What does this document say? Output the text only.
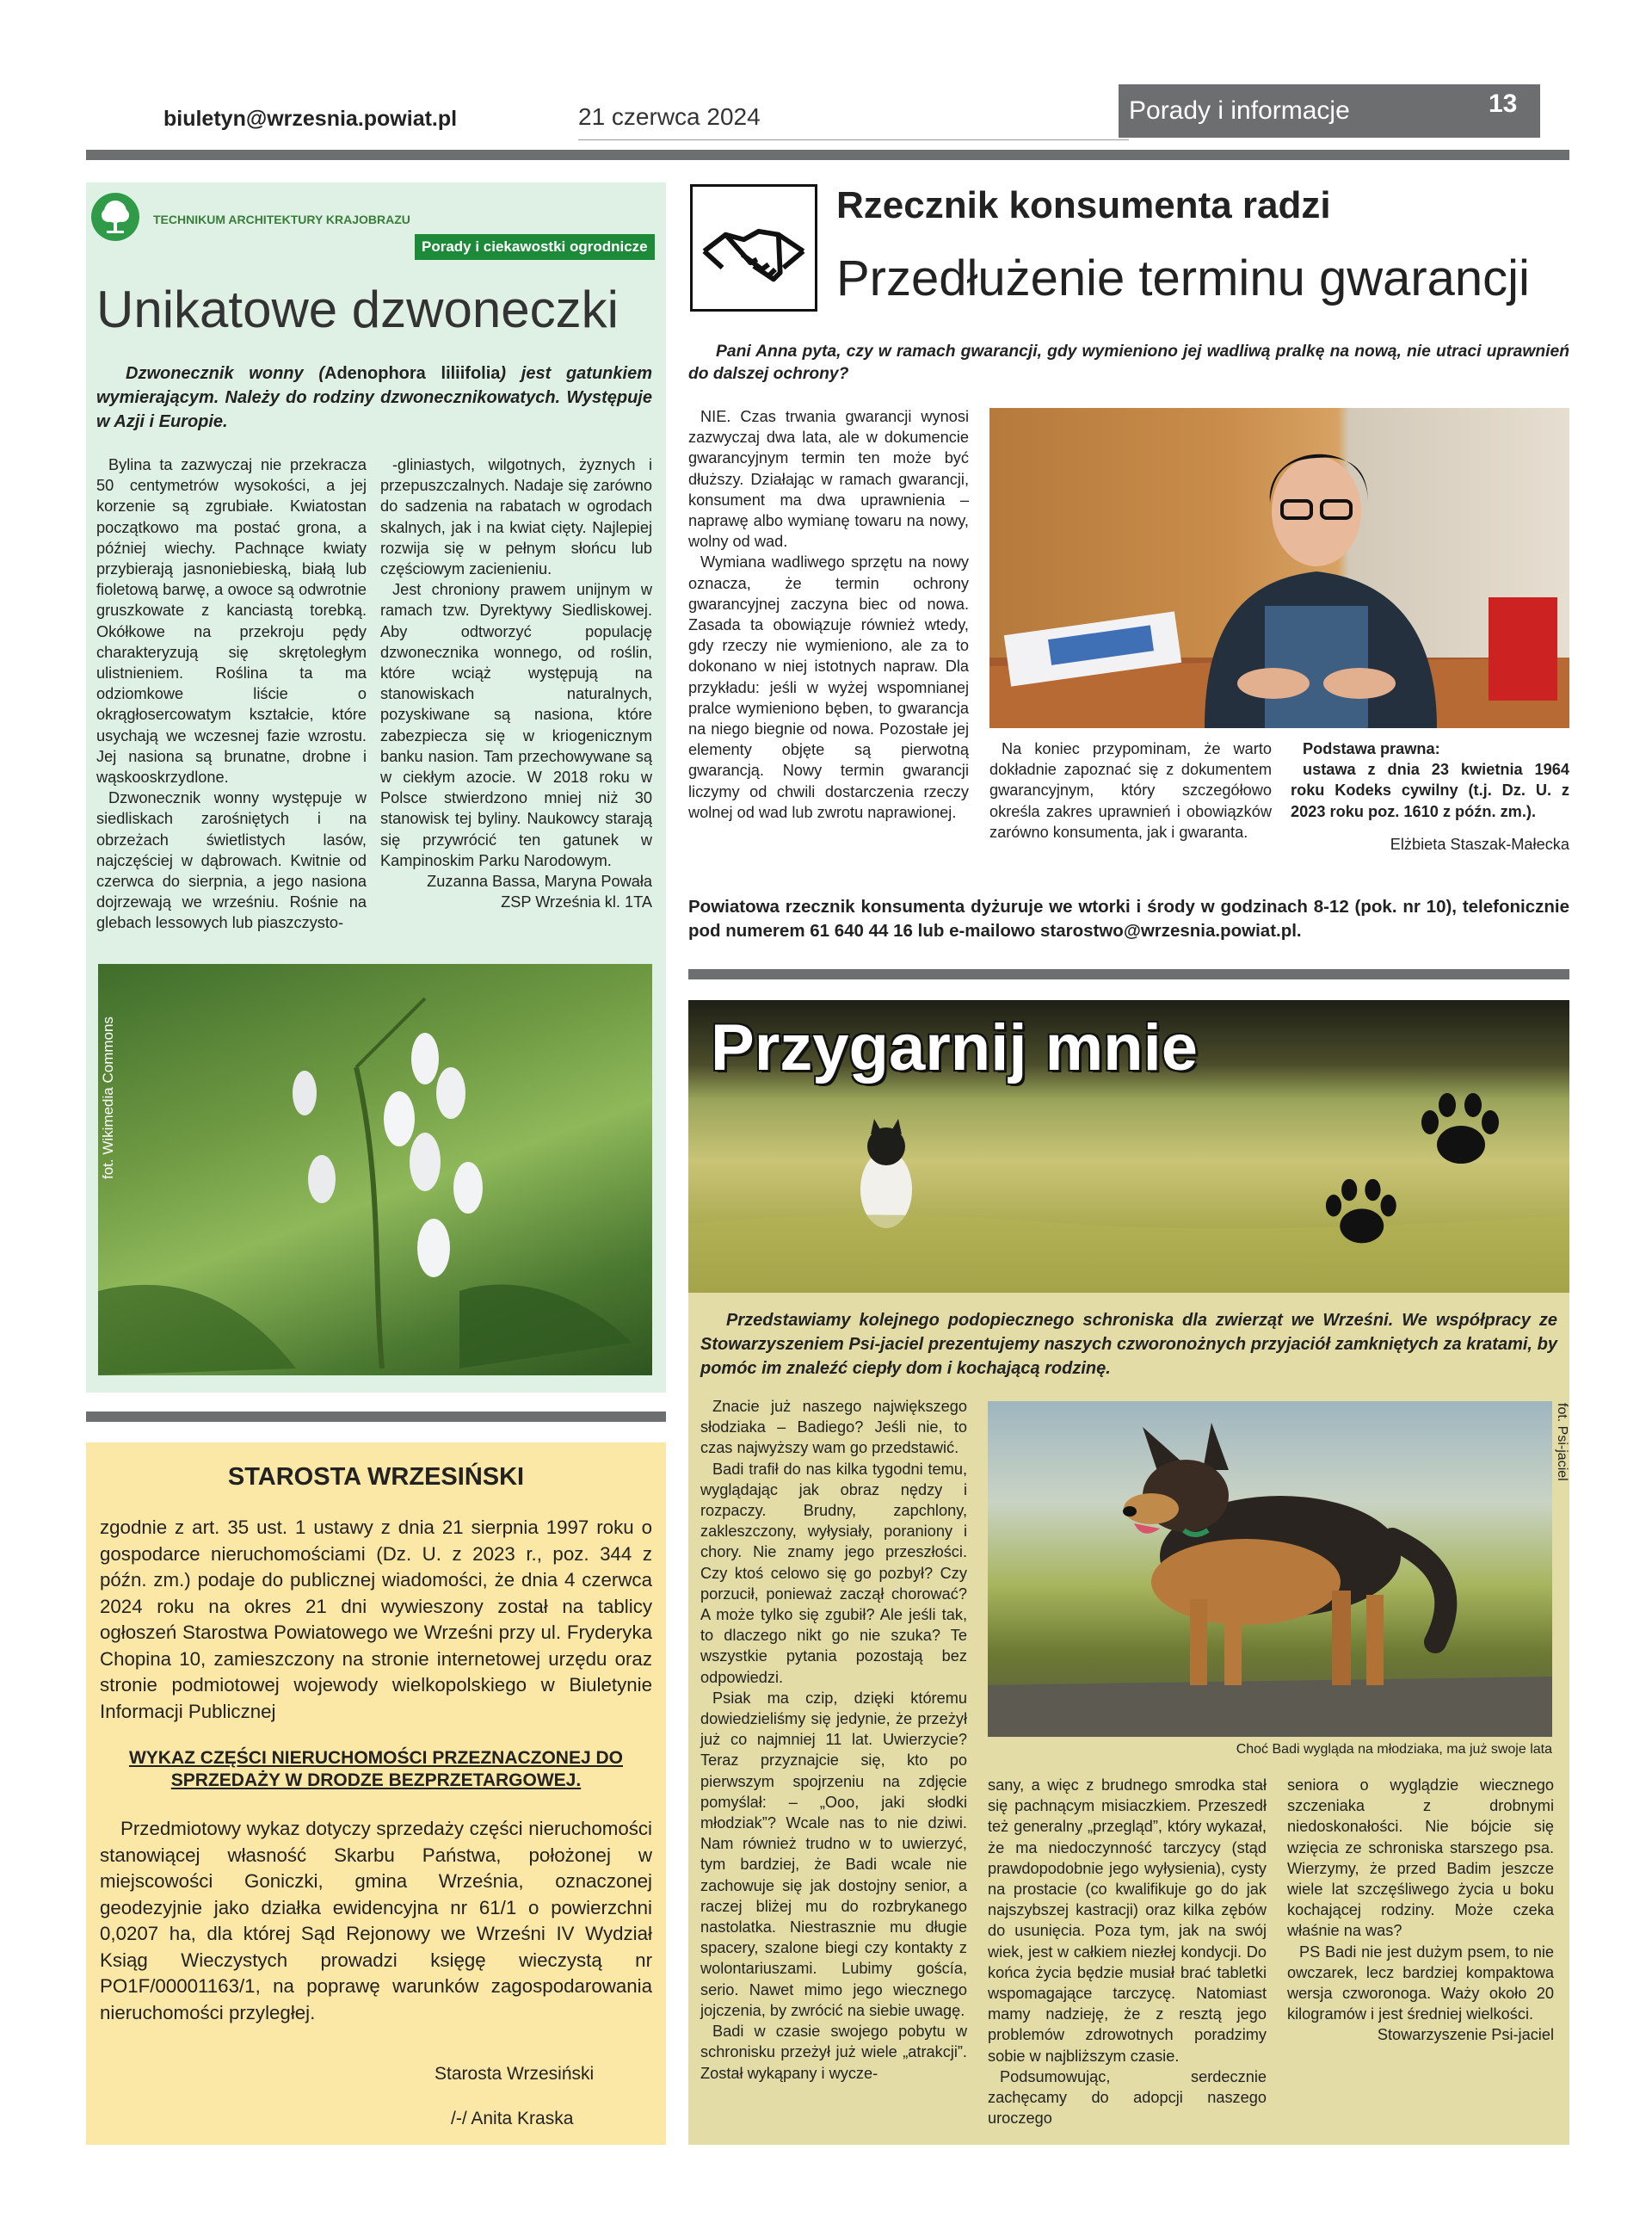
biuletyn@wrzesnia.powiat.pl	21 czerwca 2024	Porady i informacje	13
TECHNIKUM ARCHITEKTURY KRAJOBRAZU
Porady i ciekawostki ogrodnicze
Unikatowe dzwoneczki

Dzwonecznik wonny (Adenophora liliifolia) jest gatunkiem wymierającym. Należy do rodziny dzwonecznikowatych. Występuje w Azji i Europie.

Bylina ta zazwyczaj nie przekracza 50 centymetrów wysokości, a jej korzenie są zgrubiałe. Kwiatostan początkowo ma postać grona, a później wiechy. Pachnące kwiaty przybierają jasnoniebieską, białą lub fioletową barwę, a owoce są odwrotnie gruszkowate z kanciastą torebką. Okółkowe na przekroju pędy charakteryzują się skrętoległym ulistnieniem. Roślina ta ma odziomkowe liście o okrągłosercowatym kształcie, które usychają we wczesnej fazie wzrostu. Jej nasiona są brunatne, drobne i wąskooskrzydlone.

Dzwonecznik wonny występuje w siedliskach zarośniętych i na obrzeżach świetlistych lasów, najczęściej w dąbrowach. Kwitnie od czerwca do sierpnia, a jego nasiona dojrzewają we wrześniu. Rośnie na glebach lessowych lub piaszczysto-

-gliniastych, wilgotnych, żyznych i przepuszczalnych. Nadaje się zarówno do sadzenia na rabatach w ogrodach skalnych, jak i na kwiat cięty. Najlepiej rozwija się w pełnym słońcu lub częściowym zacienieniu.

Jest chroniony prawem unijnym w ramach tzw. Dyrektywy Siedliskowej. Aby odtworzyć populację dzwonecznika wonnego, od roślin, które wciąż występują na stanowiskach naturalnych, pozyskiwane są nasiona, które zabezpiecza się w kriogenicznym banku nasion. Tam przechowywane są w ciekłym azocie. W 2018 roku w Polsce stwierdzono mniej niż 30 stanowisk tej byliny. Naukowcy starają się przywrócić ten gatunek w Kampinoskim Parku Narodowym.

Zuzanna Bassa, Maryna Powała

ZSP Września kl. 1TA

fot. Wikimedia Commons
STAROSTA WRZESIŃSKI

zgodnie z art. 35 ust. 1 ustawy z dnia 21 sierpnia 1997 roku o gospodarce nieruchomościami (Dz. U. z 2023 r., poz. 344 z późn. zm.) podaje do publicznej wiadomości, że dnia 4 czerwca 2024 roku na okres 21 dni wywieszony został na tablicy ogłoszeń Starostwa Powiatowego we Wrześni przy ul. Fryderyka Chopina 10, zamieszczony na stronie internetowej urzędu oraz stronie podmiotowej wojewody wielkopolskiego w Biuletynie Informacji Publicznej

WYKAZ CZĘŚCI NIERUCHOMOŚCI PRZEZNACZONEJ DO SPRZEDAŻY W DRODZE BEZPRZETARGOWEJ.

Przedmiotowy wykaz dotyczy sprzedaży części nieruchomości stanowiącej własność Skarbu Państwa, położonej w miejscowości Goniczki, gmina Września, oznaczonej geodezyjnie jako działka ewidencyjna nr 61/1 o powierzchni 0,0207 ha, dla której Sąd Rejonowy we Wrześni IV Wydział Ksiąg Wieczystych prowadzi księgę wieczystą nr PO1F/00001163/1, na poprawę warunków zagospodarowania nieruchomości przyległej.

Starosta Wrzesiński
/-/ Anita Kraska
Rzecznik konsumenta radzi
Przedłużenie terminu gwarancji

Pani Anna pyta, czy w ramach gwarancji, gdy wymieniono jej wadliwą pralkę na nową, nie utraci uprawnień do dalszej ochrony?

NIE. Czas trwania gwarancji wynosi zazwyczaj dwa lata, ale w dokumencie gwarancyjnym termin ten może być dłuższy. Działając w ramach gwarancji, konsument ma dwa uprawnienia – naprawę albo wymianę towaru na nowy, wolny od wad.

Wymiana wadliwego sprzętu na nowy oznacza, że termin ochrony gwarancyjnej zaczyna biec od nowa. Zasada ta obowiązuje również wtedy, gdy rzeczy nie wymieniono, ale za to dokonano w niej istotnych napraw. Dla przykładu: jeśli w wyżej wspomnianej pralce wymieniono bęben, to gwarancja na niego biegnie od nowa. Pozostałe jej elementy objęte są pierwotną gwarancją. Nowy termin gwarancji liczymy od chwili dostarczenia rzeczy wolnej od wad lub zwrotu naprawionej.

Na koniec przypominam, że warto dokładnie zapoznać się z dokumentem gwarancyjnym, który szczegółowo określa zakres uprawnień i obowiązków zarówno konsumenta, jak i gwaranta.

Podstawa prawna:

ustawa z dnia 23 kwietnia 1964 roku Kodeks cywilny (t.j. Dz. U. z 2023 roku poz. 1610 z późn. zm.).

Elżbieta Staszak-Małecka

Powiatowa rzecznik konsumenta dyżuruje we wtorki i środy w godzinach 8-12 (pok. nr 10), telefonicznie pod numerem 61 640 44 16 lub e-mailowo starostwo@wrzesnia.powiat.pl.

Przygarnij mnie

Przedstawiamy kolejnego podopiecznego schroniska dla zwierząt we Wrześni. We współpracy ze Stowarzyszeniem Psi-jaciel prezentujemy naszych czworonożnych przyjaciół zamkniętych za kratami, by pomóc im znaleźć ciepły dom i kochającą rodzinę.

Znacie już naszego największego słodziaka – Badiego? Jeśli nie, to czas najwyższy wam go przedstawić.

Badi trafił do nas kilka tygodni temu, wyglądając jak obraz nędzy i rozpaczy. Brudny, zapchlony, zakleszczony, wyłysiały, poraniony i chory. Nie znamy jego przeszłości. Czy ktoś celowo się go pozbył? Czy porzucił, ponieważ zaczął chorować? A może tylko się zgubił? Ale jeśli tak, to dlaczego nikt go nie szuka? Te wszystkie pytania pozostają bez odpowiedzi.

Psiak ma czip, dzięki któremu dowiedzieliśmy się jedynie, że przeżył już co najmniej 11 lat. Uwierzycie? Teraz przyznajcie się, kto po pierwszym spojrzeniu na zdjęcie pomyślał: – „Ooo, jaki słodki młodziak”? Wcale nas to nie dziwi. Nam również trudno w to uwierzyć, tym bardziej, że Badi wcale nie zachowuje się jak dostojny senior, a raczej bliżej mu do rozbrykanego nastolatka. Niestrasznie mu długie spacery, szalone biegi czy kontakty z wolontariuszami. Lubimy goścía, serio. Nawet mimo jego wiecznego jojczenia, by zwrócić na siebie uwagę.

Badi w czasie swojego pobytu w schronisku przeżył już wiele „atrakcji”. Został wykąpany i wycze-

fot. Psi-jaciel
Choć Badi wygląda na młodziaka, ma już swoje lata

sany, a więc z brudnego smrodka stał się pachnącym misiaczkiem. Przeszedł też generalny „przegląd”, który wykazał, że ma niedoczynność tarczycy (stąd prawdopodobnie jego wyłysienia), cysty na prostacie (co kwalifikuje go do jak najszybszej kastracji) oraz kilka zębów do usunięcia. Poza tym, jak na swój wiek, jest w całkiem niezłej kondycji. Do końca życia będzie musiał brać tabletki wspomagające tarczycę. Natomiast mamy nadzieję, że z resztą jego problemów zdrowotnych poradzimy sobie w najbliższym czasie.

Podsumowując, serdecznie zachęcamy do adopcji naszego uroczego

seniora o wyglądzie wiecznego szczeniaka z drobnymi niedoskonałości. Nie bójcie się wzięcia ze schroniska starszego psa. Wierzymy, że przed Badim jeszcze wiele lat szczęśliwego życia u boku kochającej rodziny. Może czeka właśnie na was?

PS Badi nie jest dużym psem, to nie owczarek, lecz bardziej kompaktowa wersja czworonoga. Waży około 20 kilogramów i jest średniej wielkości.

Stowarzyszenie Psi-jaciel
